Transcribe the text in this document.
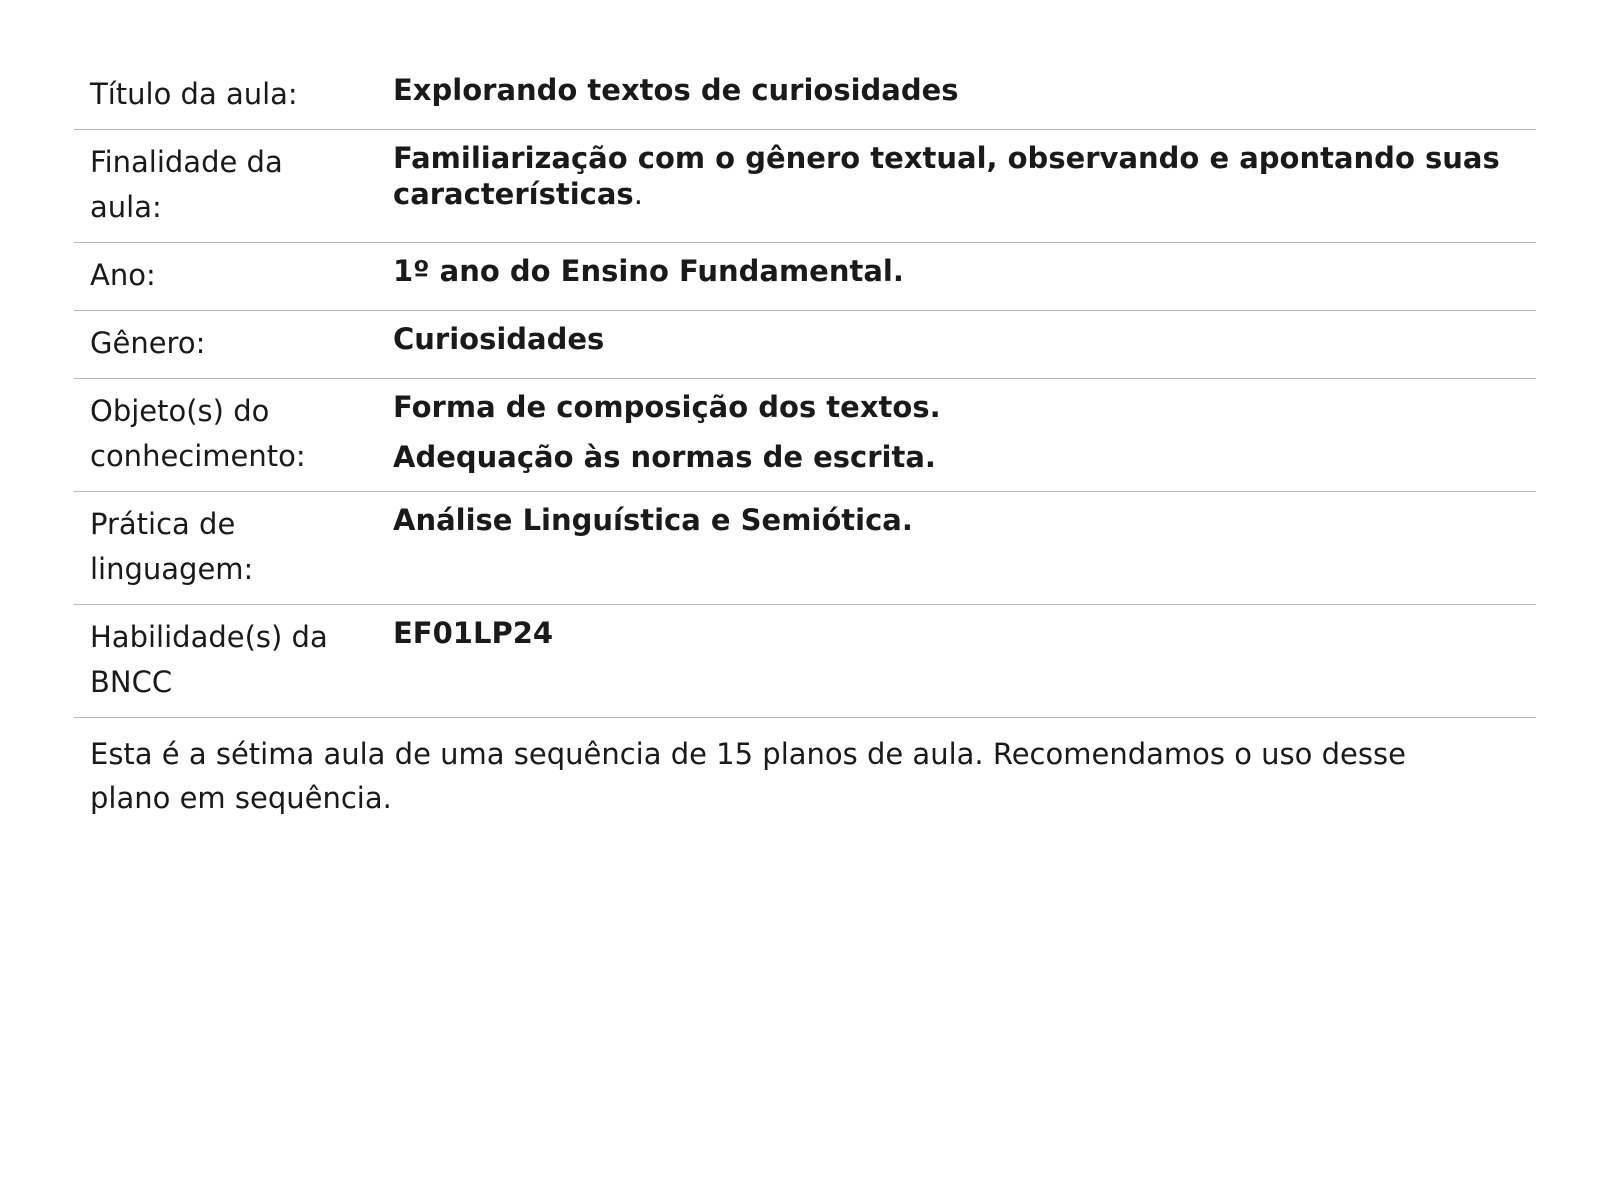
Título da aula:	Explorando textos de curiosidades

Finalidade da aula:	Familiarização com o gênero textual, observando e apontando suas características.
Ano:	1º ano do Ensino Fundamental.

Gênero:	Curiosidades

Objeto(s) do conhecimento:	Forma de composição dos textos.
Adequação às normas de escrita.

Prática de linguagem:	Análise Linguística e Semiótica.

Habilidade(s) da BNCC	EF01LP24
Esta é a sétima aula de uma sequência de 15 planos de aula. Recomendamos o uso desse plano em sequência.
